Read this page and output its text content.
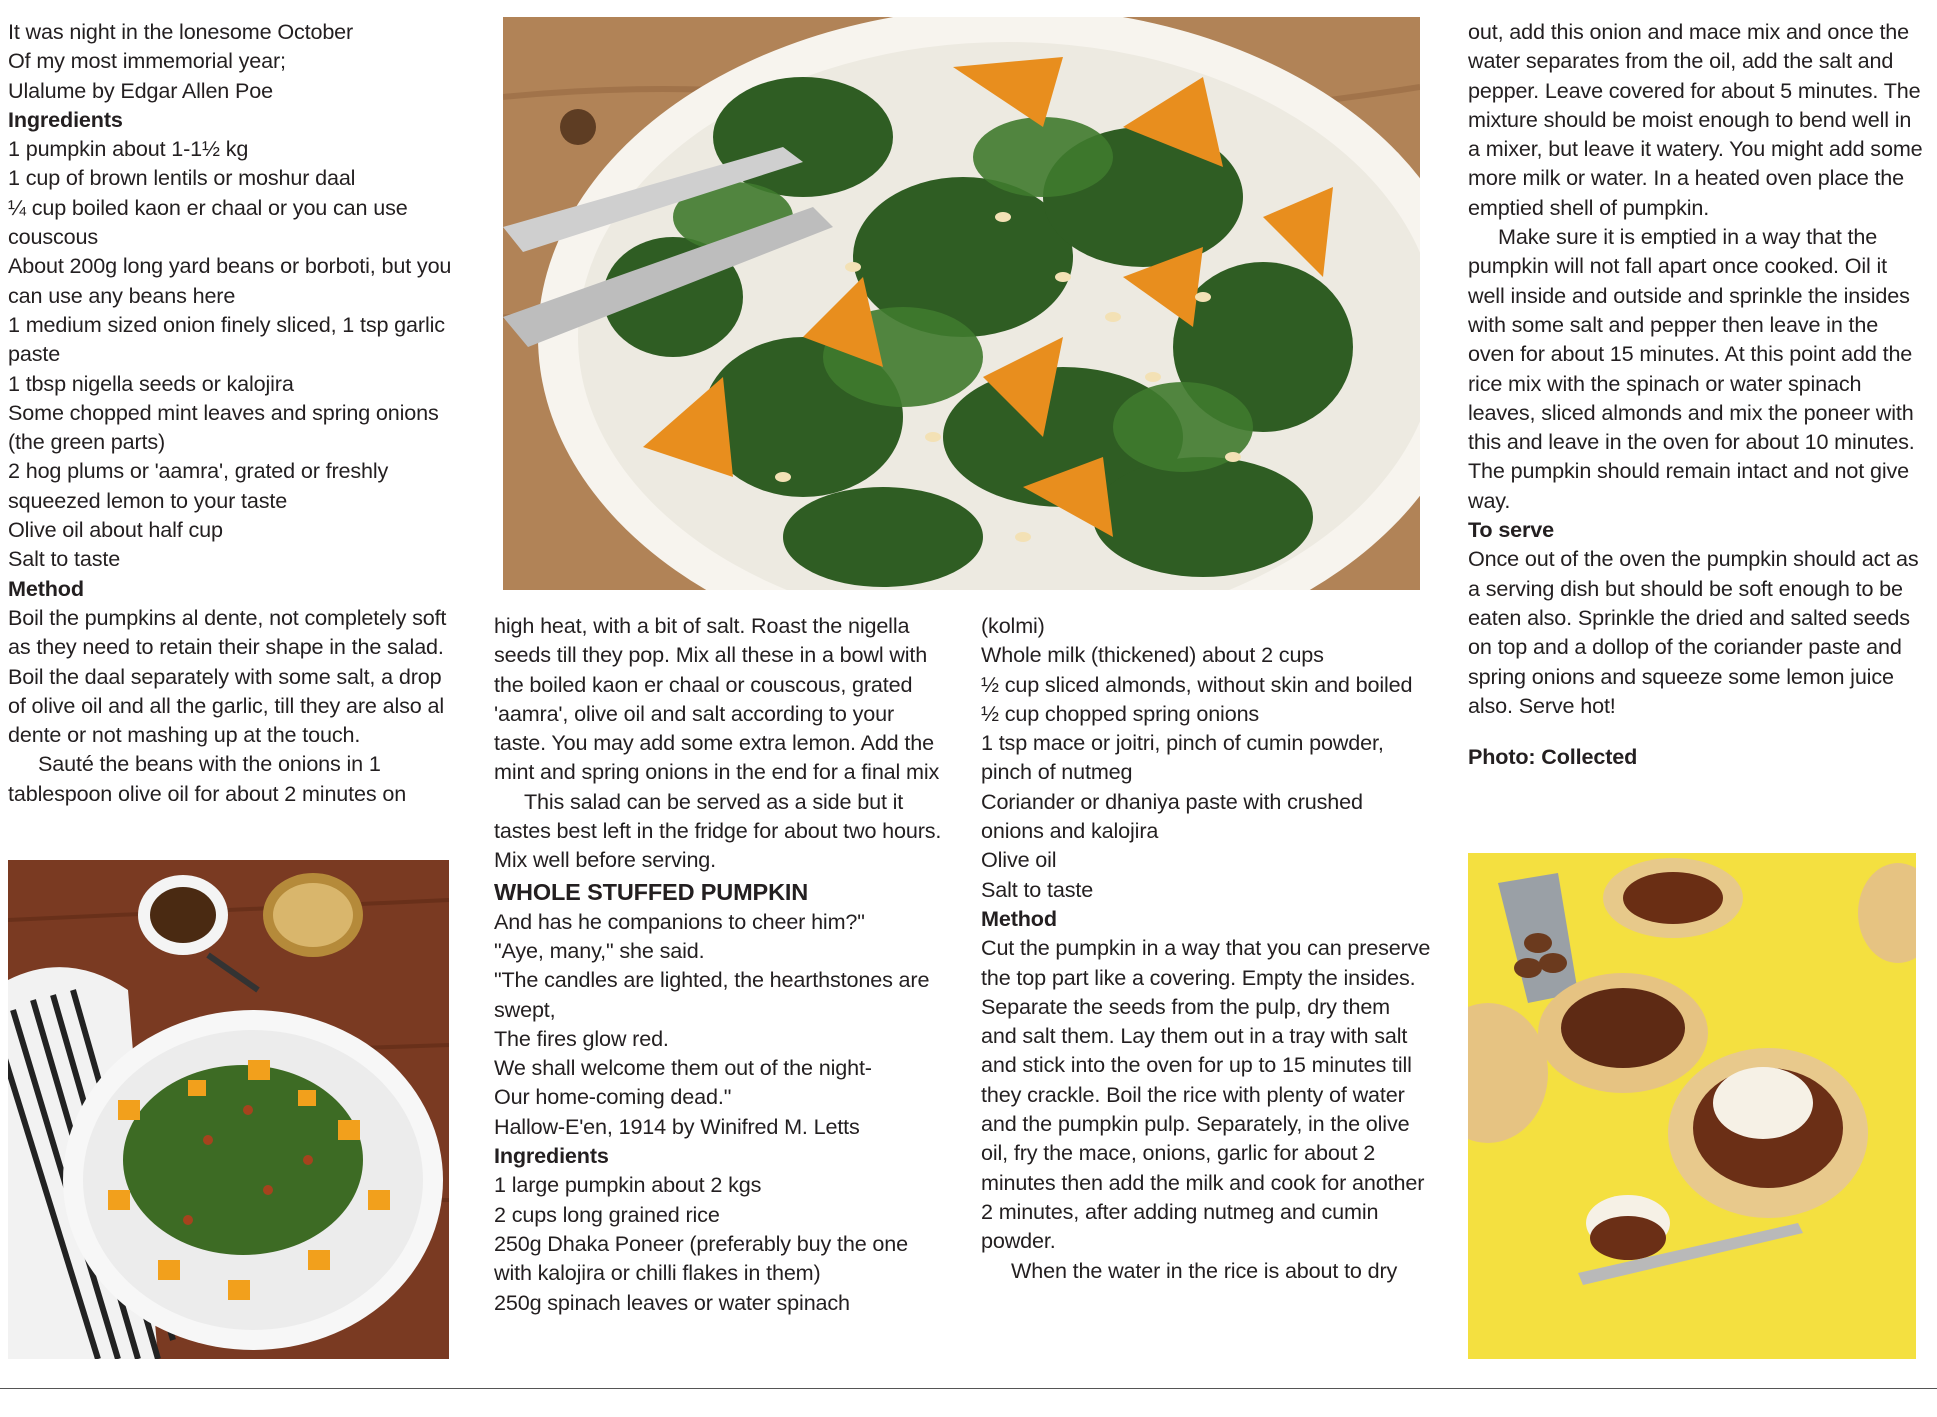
It was night in the lonesome October

Of my most immemorial year;

Ulalume by Edgar Allen Poe

Ingredients

1 pumpkin about 1-1½ kg

1 cup of brown lentils or moshur daal

¼ cup boiled kaon er chaal or you can use couscous

About 200g long yard beans or borboti, but you can use any beans here

1 medium sized onion finely sliced, 1 tsp garlic paste

1 tbsp nigella seeds or kalojira

Some chopped mint leaves and spring onions (the green parts)

2 hog plums or 'aamra', grated or freshly squeezed lemon to your taste

Olive oil about half cup

Salt to taste

Method

Boil the pumpkins al dente, not completely soft as they need to retain their shape in the salad. Boil the daal separately with some salt, a drop of olive oil and all the garlic, till they are also al dente or not mashing up at the touch.

Sauté the beans with the onions in 1 tablespoon olive oil for about 2 minutes on

high heat, with a bit of salt. Roast the nigella seeds till they pop. Mix all these in a bowl with the boiled kaon er chaal or couscous, grated 'aamra', olive oil and salt according to your taste. You may add some extra lemon. Add the mint and spring onions in the end for a final mix

This salad can be served as a side but it tastes best left in the fridge for about two hours. Mix well before serving.

WHOLE STUFFED PUMPKIN

And has he companions to cheer him?"

"Aye, many," she said.

"The candles are lighted, the hearthstones are swept,

The fires glow red.

We shall welcome them out of the night-

Our home-coming dead."

Hallow-E'en, 1914 by Winifred M. Letts

Ingredients

1 large pumpkin about 2 kgs

2 cups long grained rice

250g Dhaka Poneer (preferably buy the one with kalojira or chilli flakes in them)

250g spinach leaves or water spinach

(kolmi)

Whole milk (thickened) about 2 cups

½ cup sliced almonds, without skin and boiled

½ cup chopped spring onions

1 tsp mace or joitri, pinch of cumin powder, pinch of nutmeg

Coriander or dhaniya paste with crushed onions and kalojira

Olive oil

Salt to taste

Method

Cut the pumpkin in a way that you can preserve the top part like a covering. Empty the insides. Separate the seeds from the pulp, dry them and salt them. Lay them out in a tray with salt and stick into the oven for up to 15 minutes till they crackle. Boil the rice with plenty of water and the pumpkin pulp. Separately, in the olive oil, fry the mace, onions, garlic for about 2 minutes then add the milk and cook for another 2 minutes, after adding nutmeg and cumin powder.

When the water in the rice is about to dry

out, add this onion and mace mix and once the water separates from the oil, add the salt and pepper. Leave covered for about 5 minutes. The mixture should be moist enough to bend well in a mixer, but leave it watery. You might add some more milk or water. In a heated oven place the emptied shell of pumpkin.

Make sure it is emptied in a way that the pumpkin will not fall apart once cooked. Oil it well inside and outside and sprinkle the insides with some salt and pepper then leave in the oven for about 15 minutes. At this point add the rice mix with the spinach or water spinach leaves, sliced almonds and mix the poneer with this and leave in the oven for about 10 minutes. The pumpkin should remain intact and not give way.

To serve

Once out of the oven the pumpkin should act as a serving dish but should be soft enough to be eaten also. Sprinkle the dried and salted seeds on top and a dollop of the coriander paste and spring onions and squeeze some lemon juice also. Serve hot!

Photo: Collected
